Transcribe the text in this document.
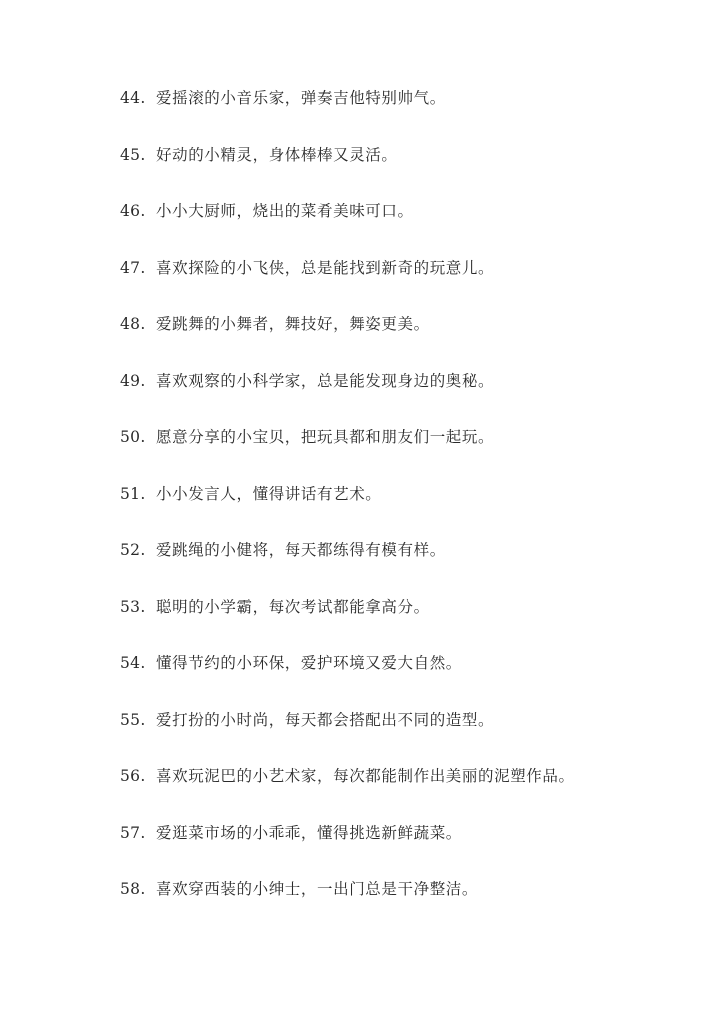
44. 爱摇滚的小音乐家，弹奏吉他特别帅气。
45. 好动的小精灵，身体棒棒又灵活。
46. 小小大厨师，烧出的菜肴美味可口。
47. 喜欢探险的小飞侠，总是能找到新奇的玩意儿。
48. 爱跳舞的小舞者，舞技好，舞姿更美。
49. 喜欢观察的小科学家，总是能发现身边的奥秘。
50. 愿意分享的小宝贝，把玩具都和朋友们一起玩。
51. 小小发言人，懂得讲话有艺术。
52. 爱跳绳的小健将，每天都练得有模有样。
53. 聪明的小学霸，每次考试都能拿高分。
54. 懂得节约的小环保，爱护环境又爱大自然。
55. 爱打扮的小时尚，每天都会搭配出不同的造型。
56. 喜欢玩泥巴的小艺术家，每次都能制作出美丽的泥塑作品。
57. 爱逛菜市场的小乖乖，懂得挑选新鲜蔬菜。
58. 喜欢穿西装的小绅士，一出门总是干净整洁。
